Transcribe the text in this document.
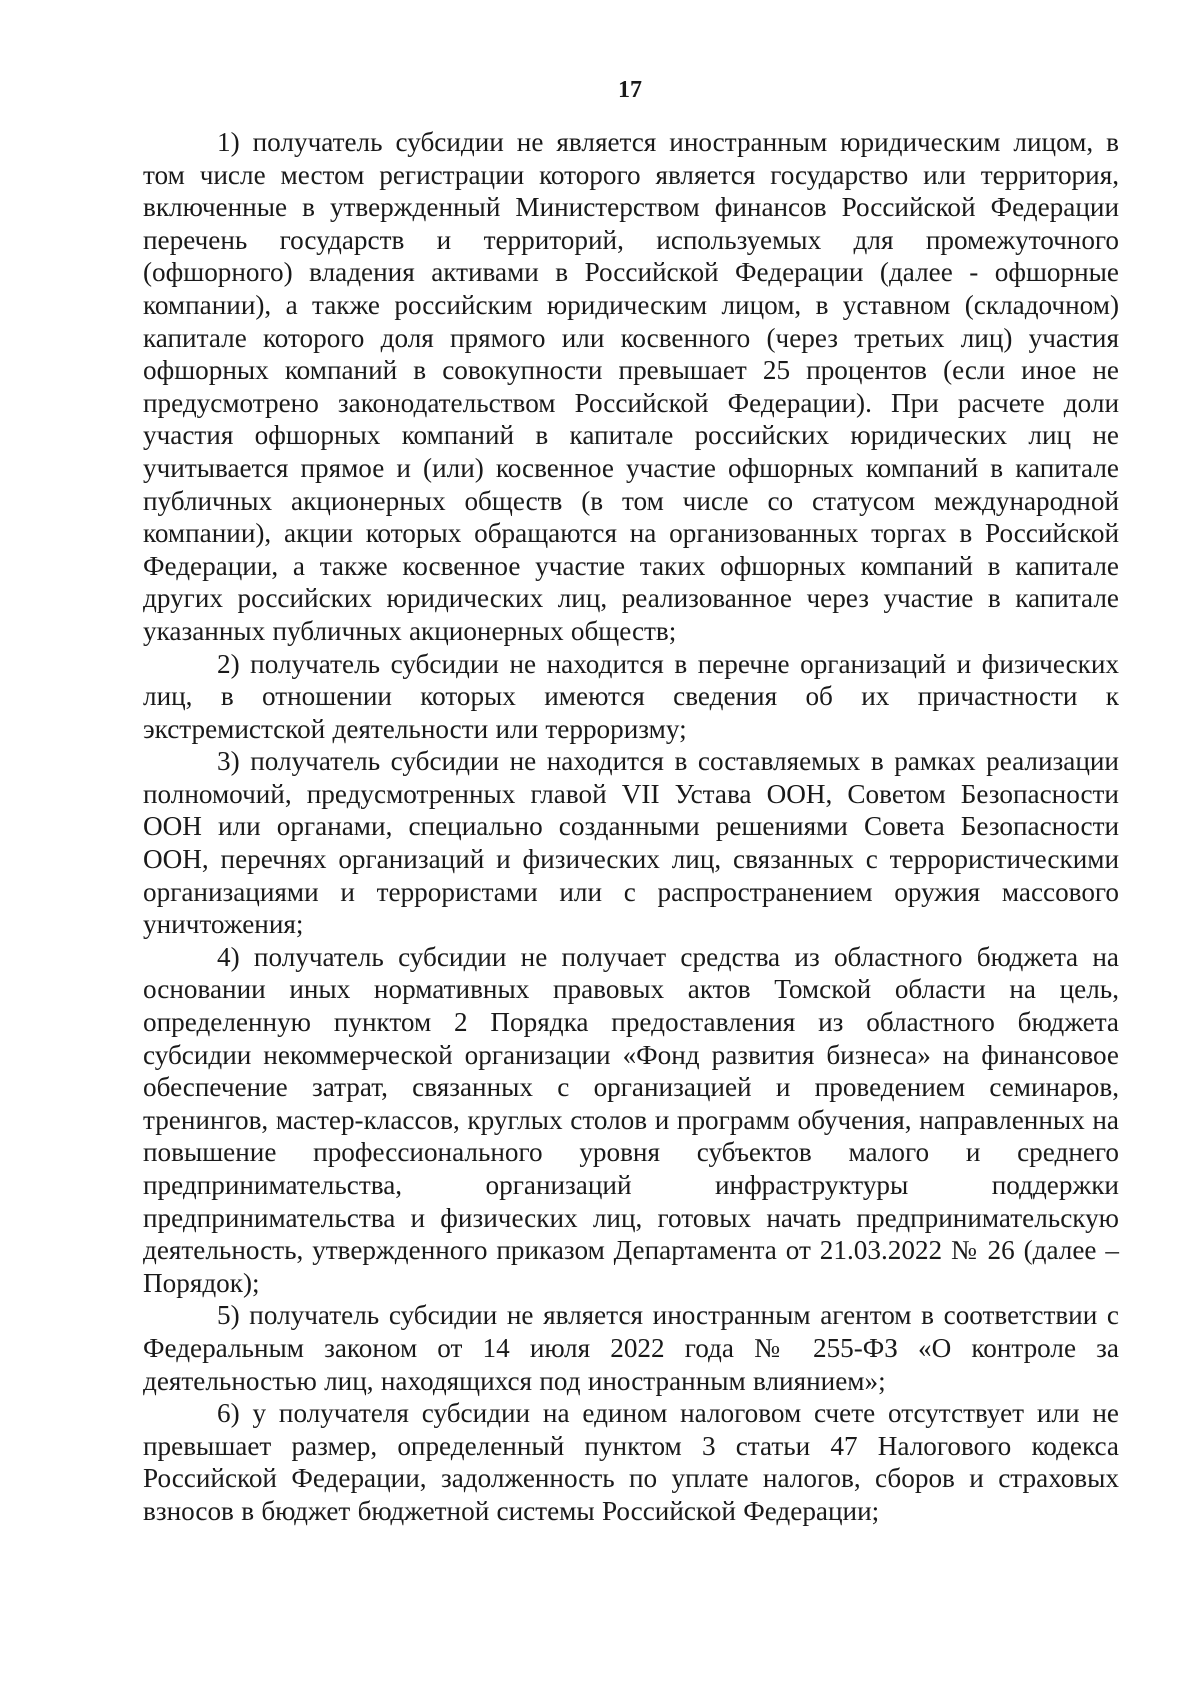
17

1) получатель субсидии не является иностранным юридическим лицом, в том числе местом регистрации которого является государство или территория, включенные в утвержденный Министерством финансов Российской Федерации перечень государств и территорий, используемых для промежуточного (офшорного) владения активами в Российской Федерации (далее - офшорные компании), а также российским юридическим лицом, в уставном (складочном) капитале которого доля прямого или косвенного (через третьих лиц) участия офшорных компаний в совокупности превышает 25 процентов (если иное не предусмотрено законодательством Российской Федерации). При расчете доли участия офшорных компаний в капитале российских юридических лиц не учитывается прямое и (или) косвенное участие офшорных компаний в капитале публичных акционерных обществ (в том числе со статусом международной компании), акции которых обращаются на организованных торгах в Российской Федерации, а также косвенное участие таких офшорных компаний в капитале других российских юридических лиц, реализованное через участие в капитале указанных публичных акционерных обществ;

2) получатель субсидии не находится в перечне организаций и физических лиц, в отношении которых имеются сведения об их причастности к экстремистской деятельности или терроризму;

3) получатель субсидии не находится в составляемых в рамках реализации полномочий, предусмотренных главой VII Устава ООН, Советом Безопасности ООН или органами, специально созданными решениями Совета Безопасности ООН, перечнях организаций и физических лиц, связанных с террористическими организациями и террористами или с распространением оружия массового уничтожения;

4) получатель субсидии не получает средства из областного бюджета на основании иных нормативных правовых актов Томской области на цель, определенную пунктом 2 Порядка предоставления из областного бюджета субсидии некоммерческой организации «Фонд развития бизнеса» на финансовое обеспечение затрат, связанных с организацией и проведением семинаров, тренингов, мастер-классов, круглых столов и программ обучения, направленных на повышение профессионального уровня субъектов малого и среднего предпринимательства, организаций инфраструктуры поддержки предпринимательства и физических лиц, готовых начать предпринимательскую деятельность, утвержденного приказом Департамента от 21.03.2022 № 26 (далее – Порядок);

5) получатель субсидии не является иностранным агентом в соответствии с Федеральным законом от 14 июля 2022 года № 255-ФЗ «О контроле за деятельностью лиц, находящихся под иностранным влиянием»;

6) у получателя субсидии на едином налоговом счете отсутствует или не превышает размер, определенный пунктом 3 статьи 47 Налогового кодекса Российской Федерации, задолженность по уплате налогов, сборов и страховых взносов в бюджет бюджетной системы Российской Федерации;
